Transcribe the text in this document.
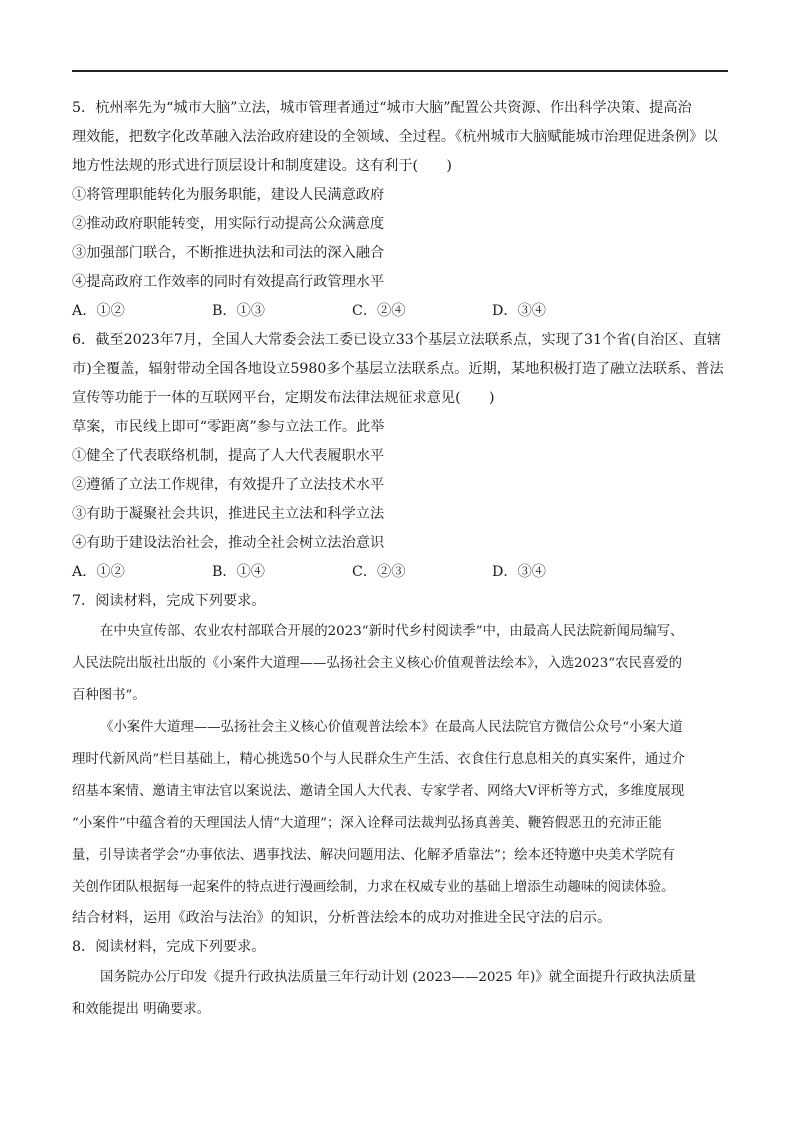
5．杭州率先为“城市大脑”立法，城市管理者通过“城市大脑”配置公共资源、作出科学决策、提高治

理效能，把数字化改革融入法治政府建设的全领域、全过程。《杭州城市大脑赋能城市治理促进条例》以

地方性法规的形式进行顶层设计和制度建设。这有利于(　　)

①将管理职能转化为服务职能，建设人民满意政府

②推动政府职能转变，用实际行动提高公众满意度

③加强部门联合，不断推进执法和司法的深入融合

④提高政府工作效率的同时有效提高行政管理水平

A．①②	B．①③	C．②④	D．③④

6．截至2023年7月，全国人大常委会法工委已设立33个基层立法联系点，实现了31个省(自治区、直辖

市)全覆盖，辐射带动全国各地设立5980多个基层立法联系点。近期，某地积极打造了融立法联系、普法

宣传等功能于一体的互联网平台，定期发布法律法规征求意见(　　)

草案，市民线上即可“零距离”参与立法工作。此举

①健全了代表联络机制，提高了人大代表履职水平

②遵循了立法工作规律，有效提升了立法技术水平

③有助于凝聚社会共识，推进民主立法和科学立法

④有助于建设法治社会，推动全社会树立法治意识

A．①②	B．①④	C．②③	D．③④

7．阅读材料，完成下列要求。

在中央宣传部、农业农村部联合开展的2023“新时代乡村阅读季”中，由最高人民法院新闻局编写、

人民法院出版社出版的《小案件大道理——弘扬社会主义核心价值观普法绘本》，入选2023“农民喜爱的

百种图书”。

《小案件大道理——弘扬社会主义核心价值观普法绘本》在最高人民法院官方微信公众号“小案大道

理时代新风尚”栏目基础上，精心挑选50个与人民群众生产生活、衣食住行息息相关的真实案件，通过介

绍基本案情、邀请主审法官以案说法、邀请全国人大代表、专家学者、网络大V评析等方式，多维度展现

“小案件”中蕴含着的天理国法人情“大道理”；深入诠释司法裁判弘扬真善美、鞭笞假恶丑的充沛正能

量，引导读者学会“办事依法、遇事找法、解决问题用法、化解矛盾靠法”；绘本还特邀中央美术学院有

关创作团队根据每一起案件的特点进行漫画绘制，力求在权威专业的基础上增添生动趣味的阅读体验。

结合材料，运用《政治与法治》的知识，分析普法绘本的成功对推进全民守法的启示。

8．阅读材料，完成下列要求。

国务院办公厅印发《提升行政执法质量三年行动计划 (2023——2025 年)》就全面提升行政执法质量

和效能提出 明确要求。
